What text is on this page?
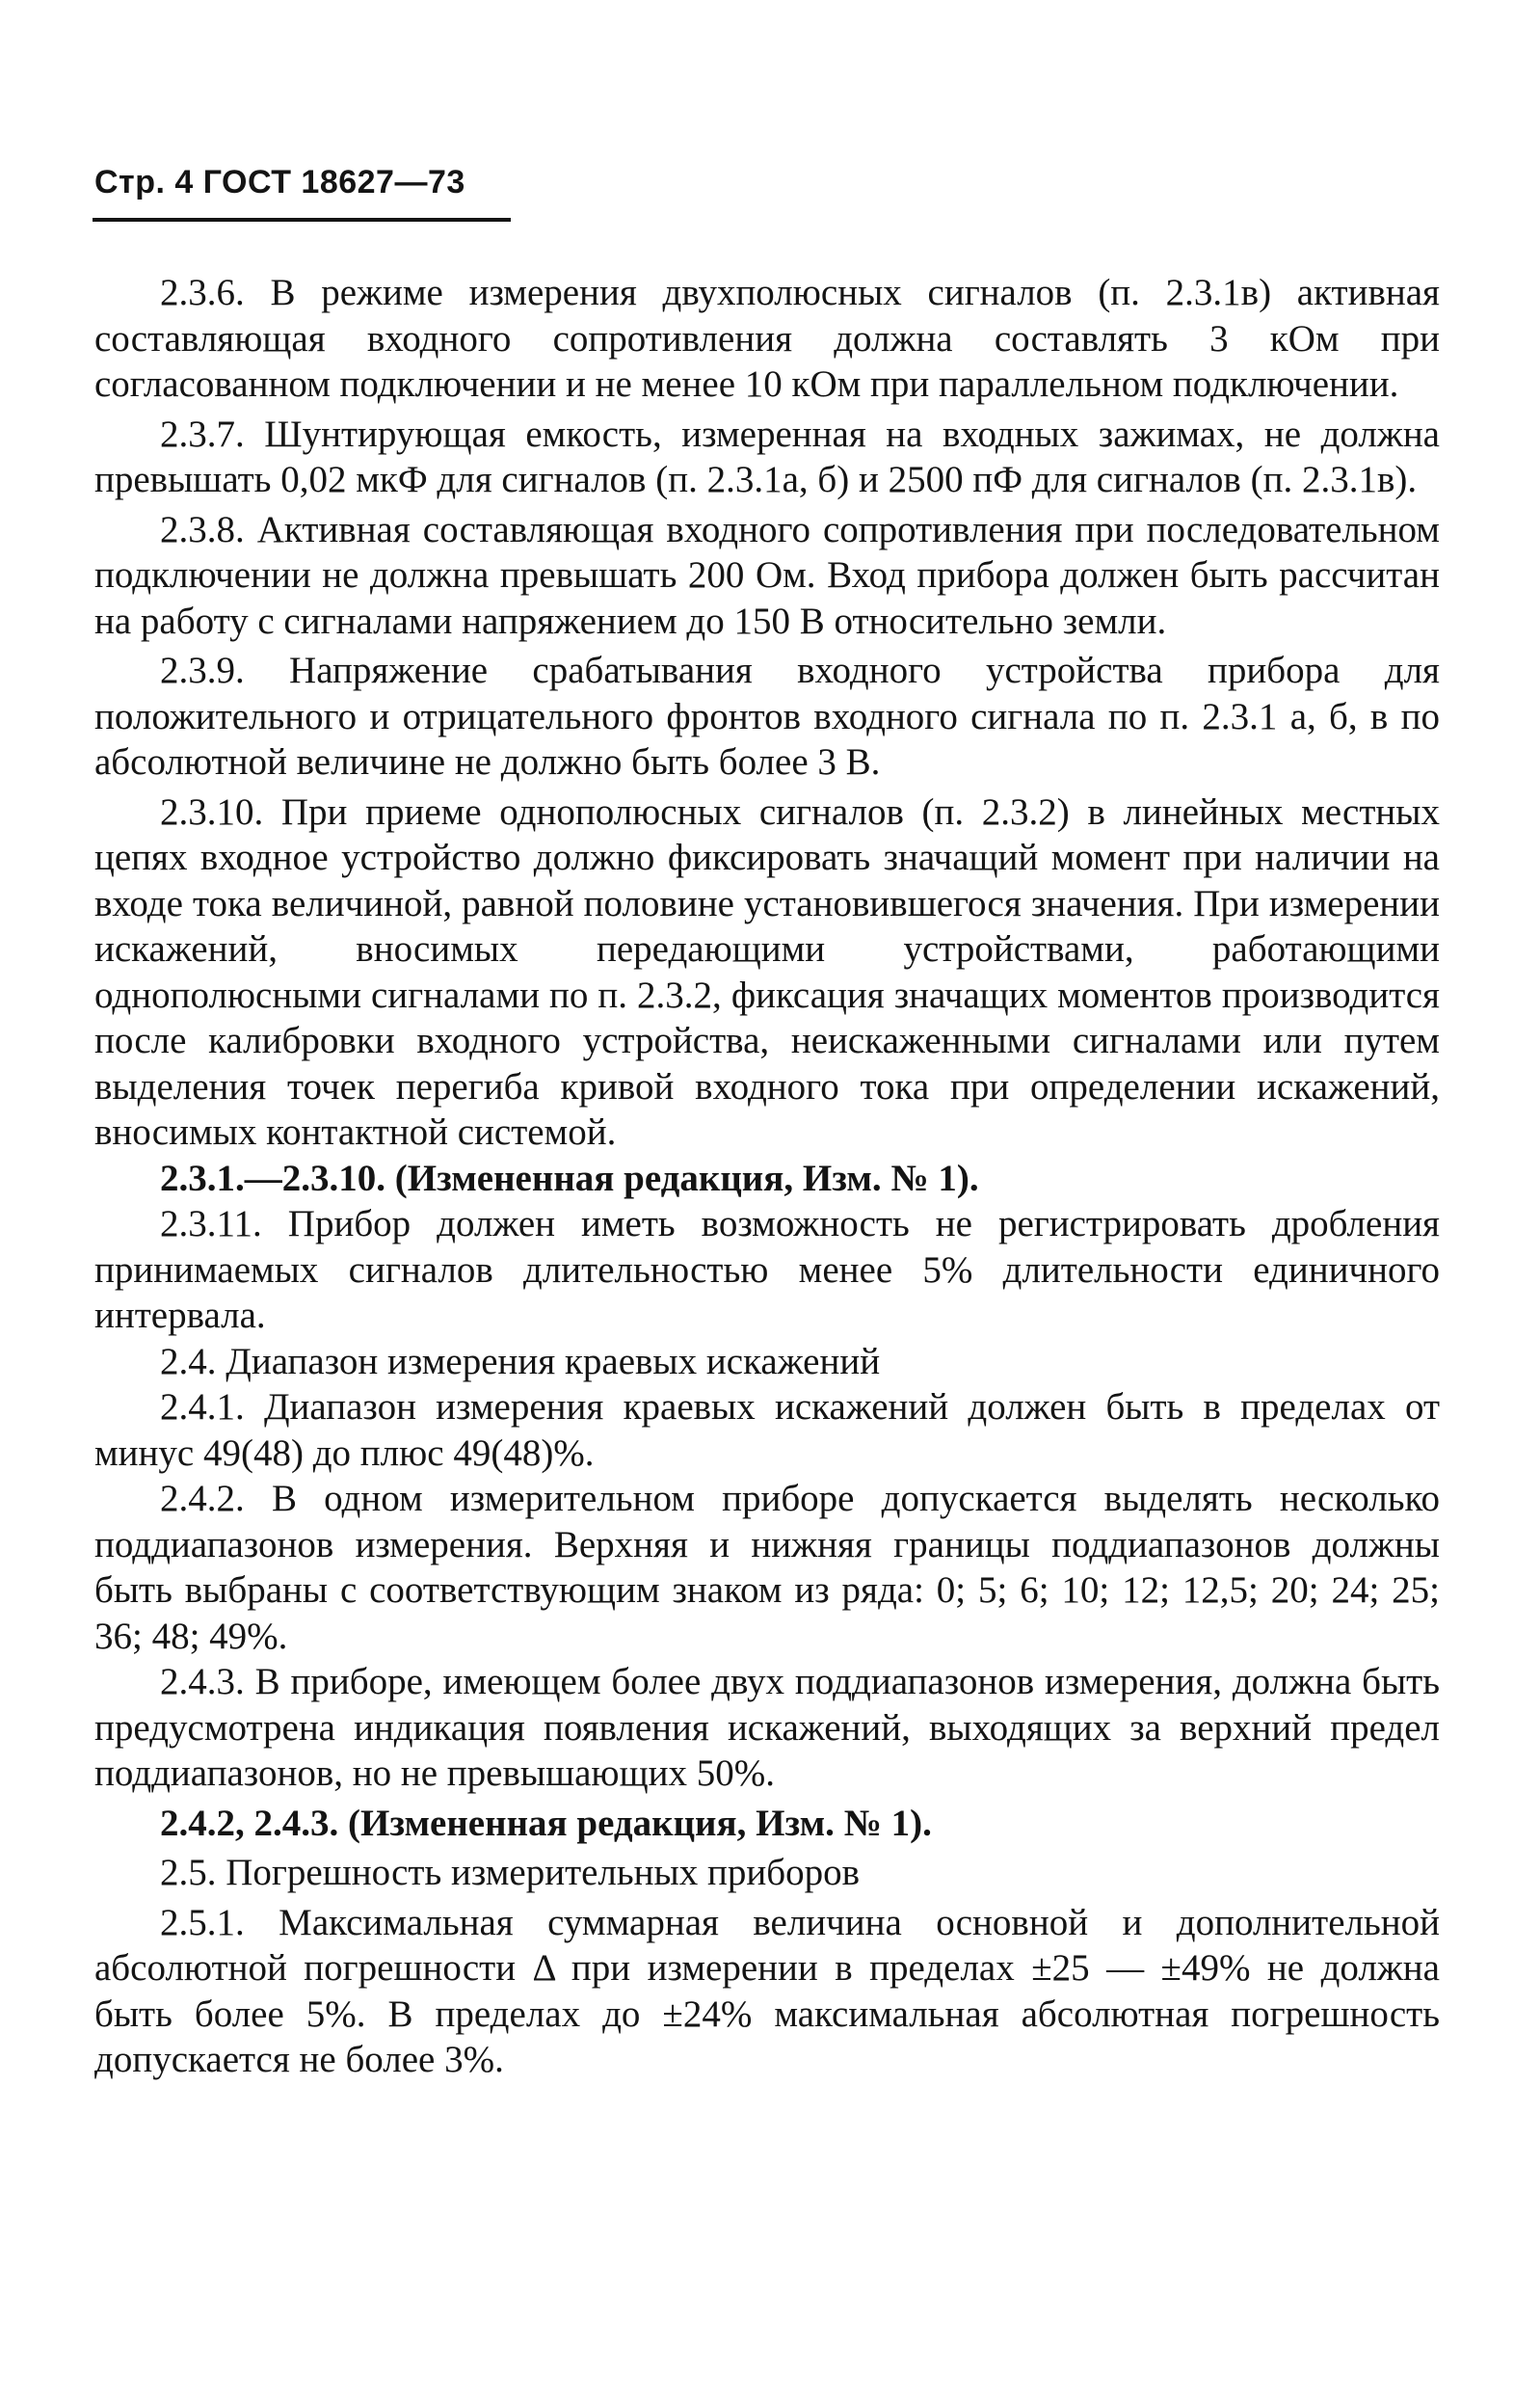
Стр. 4 ГОСТ 18627—73

2.3.6. В режиме измерения двухполюсных сигналов (п. 2.3.1в) активная составляющая входного сопротивления должна составлять 3 кОм при согласованном подключении и не менее 10 кОм при параллельном подключении.

2.3.7. Шунтирующая емкость, измеренная на входных зажимах, не должна превышать 0,02 мкФ для сигналов (п. 2.3.1а, б) и 2500 пФ для сигналов (п. 2.3.1в).

2.3.8. Активная составляющая входного сопротивления при последовательном подключении не должна превышать 200 Ом. Вход прибора должен быть рассчитан на работу с сигналами напряжением до 150 В относительно земли.

2.3.9. Напряжение срабатывания входного устройства прибора для положительного и отрицательного фронтов входного сигнала по п. 2.3.1 а, б, в по абсолютной величине не должно быть более 3 В.

2.3.10. При приеме однополюсных сигналов (п. 2.3.2) в линейных местных цепях входное устройство должно фиксировать значащий момент при наличии на входе тока величиной, равной половине установившегося значения. При измерении искажений, вносимых передающими устройствами, работающими однополюсными сигналами по п. 2.3.2, фиксация значащих моментов производится после калибровки входного устройства, неискаженными сигналами или путем выделения точек перегиба кривой входного тока при определении искажений, вносимых контактной системой.

2.3.1.—2.3.10. (Измененная редакция, Изм. № 1).

2.3.11. Прибор должен иметь возможность не регистрировать дробления принимаемых сигналов длительностью менее 5% длительности единичного интервала.

2.4. Диапазон измерения краевых искажений

2.4.1. Диапазон измерения краевых искажений должен быть в пределах от минус 49(48) до плюс 49(48)%.

2.4.2. В одном измерительном приборе допускается выделять несколько поддиапазонов измерения. Верхняя и нижняя границы поддиапазонов должны быть выбраны с соответствующим знаком из ряда: 0; 5; 6; 10; 12; 12,5; 20; 24; 25; 36; 48; 49%.

2.4.3. В приборе, имеющем более двух поддиапазонов измерения, должна быть предусмотрена индикация появления искажений, выходящих за верхний предел поддиапазонов, но не превышающих 50%.

2.4.2, 2.4.3. (Измененная редакция, Изм. № 1).

2.5. Погрешность измерительных приборов

2.5.1. Максимальная суммарная величина основной и дополнительной абсолютной погрешности Δ при измерении в пределах ±25 — ±49% не должна быть более 5%. В пределах до ±24% максимальная абсолютная погрешность допускается не более 3%.
